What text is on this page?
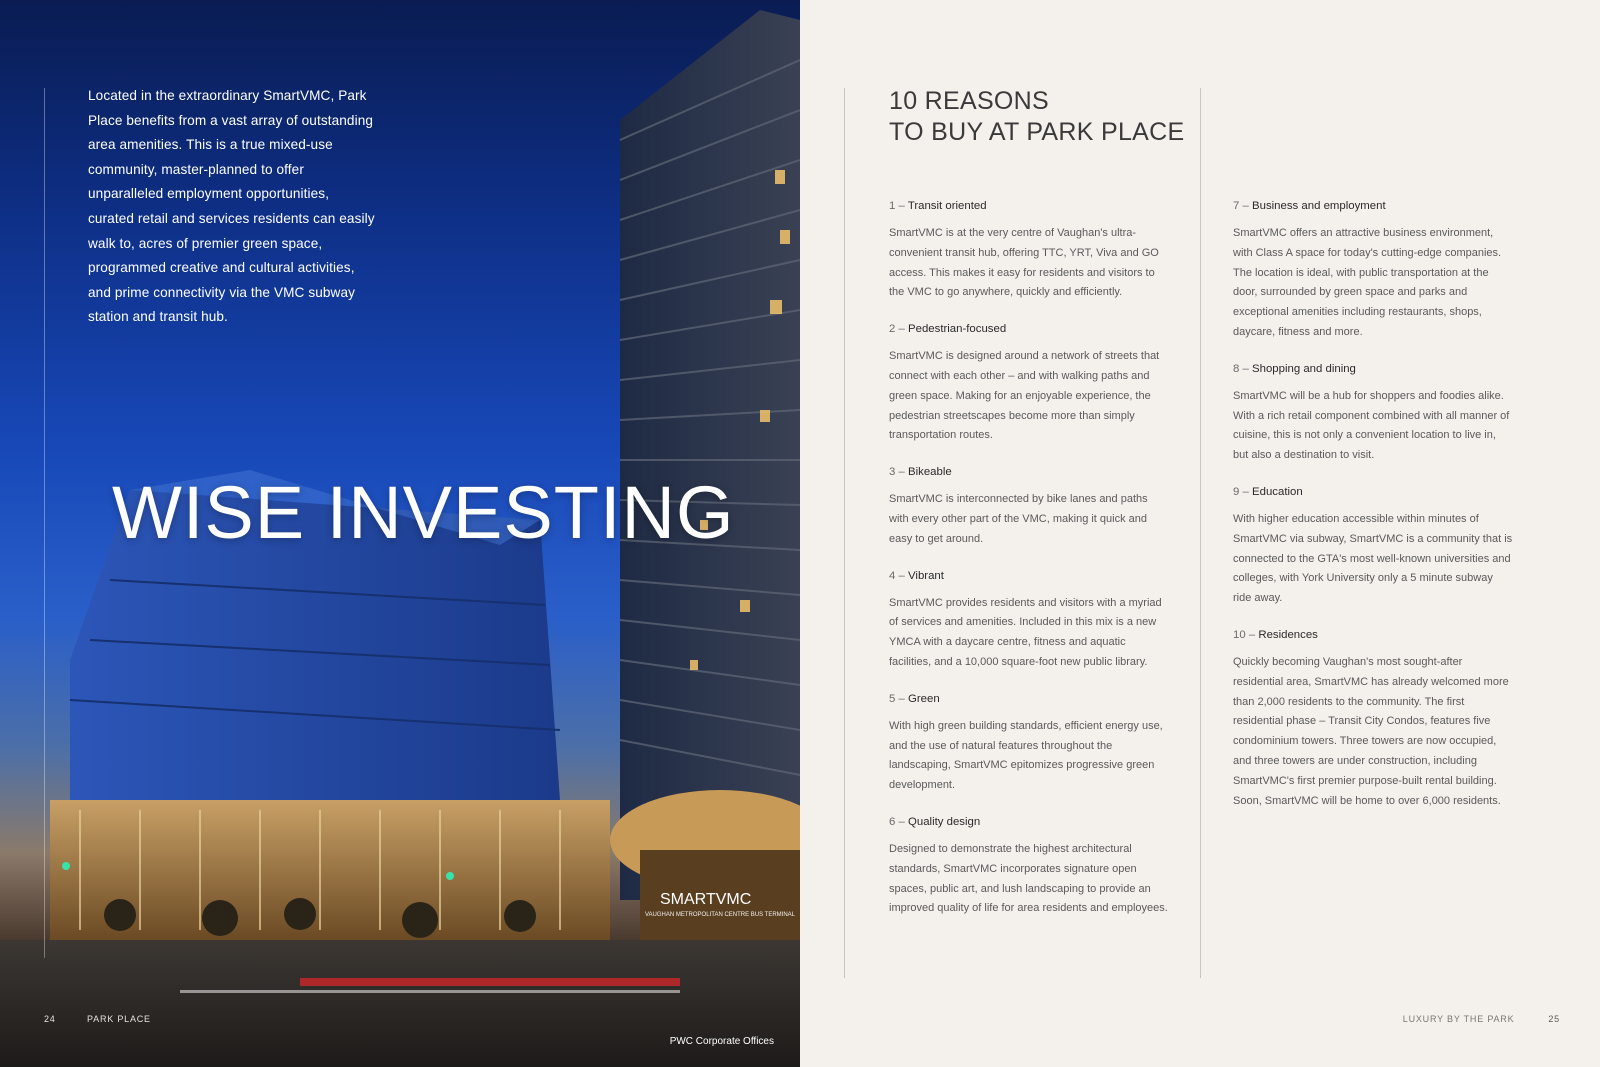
SMARTVMC
VAUGHAN METROPOLITAN CENTRE BUS TERMINAL

Located in the extraordinary SmartVMC, Park Place benefits from a vast array of outstanding area amenities. This is a true mixed-use community, master-planned to offer unparalleled employment opportunities, curated retail and services residents can easily walk to, acres of premier green space, programmed creative and cultural activities, and prime connectivity via the VMC subway station and transit hub.

WISE INVESTING
24	PARK PLACE
PWC Corporate Offices
10 REASONS
TO BUY AT PARK PLACE
1 – Transit oriented

SmartVMC is at the very centre of Vaughan's ultra-convenient transit hub, offering TTC, YRT, Viva and GO access. This makes it easy for residents and visitors to the VMC to go anywhere, quickly and efficiently.

2 – Pedestrian-focused

SmartVMC is designed around a network of streets that connect with each other – and with walking paths and green space. Making for an enjoyable experience, the pedestrian streetscapes become more than simply transportation routes.

3 – Bikeable

SmartVMC is interconnected by bike lanes and paths with every other part of the VMC, making it quick and easy to get around.

4 – Vibrant

SmartVMC provides residents and visitors with a myriad of services and amenities. Included in this mix is a new YMCA with a daycare centre, fitness and aquatic facilities, and a 10,000 square-foot new public library.

5 – Green

With high green building standards, efficient energy use, and the use of natural features throughout the landscaping, SmartVMC epitomizes progressive green development.

6 – Quality design

Designed to demonstrate the highest architectural standards, SmartVMC incorporates signature open spaces, public art, and lush landscaping to provide an improved quality of life for area residents and employees.

7 – Business and employment

SmartVMC offers an attractive business environment, with Class A space for today's cutting-edge companies. The location is ideal, with public transportation at the door, surrounded by green space and parks and exceptional amenities including restaurants, shops, daycare, fitness and more.

8 – Shopping and dining

SmartVMC will be a hub for shoppers and foodies alike. With a rich retail component combined with all manner of cuisine, this is not only a convenient location to live in, but also a destination to visit.

9 – Education

With higher education accessible within minutes of SmartVMC via subway, SmartVMC is a community that is connected to the GTA's most well-known universities and colleges, with York University only a 5 minute subway ride away.

10 – Residences

Quickly becoming Vaughan's most sought-after residential area, SmartVMC has already welcomed more than 2,000 residents to the community. The first residential phase – Transit City Condos, features five condominium towers. Three towers are now occupied, and three towers are under construction, including SmartVMC's first premier purpose-built rental building. Soon, SmartVMC will be home to over 6,000 residents.

LUXURY BY THE PARK	25
